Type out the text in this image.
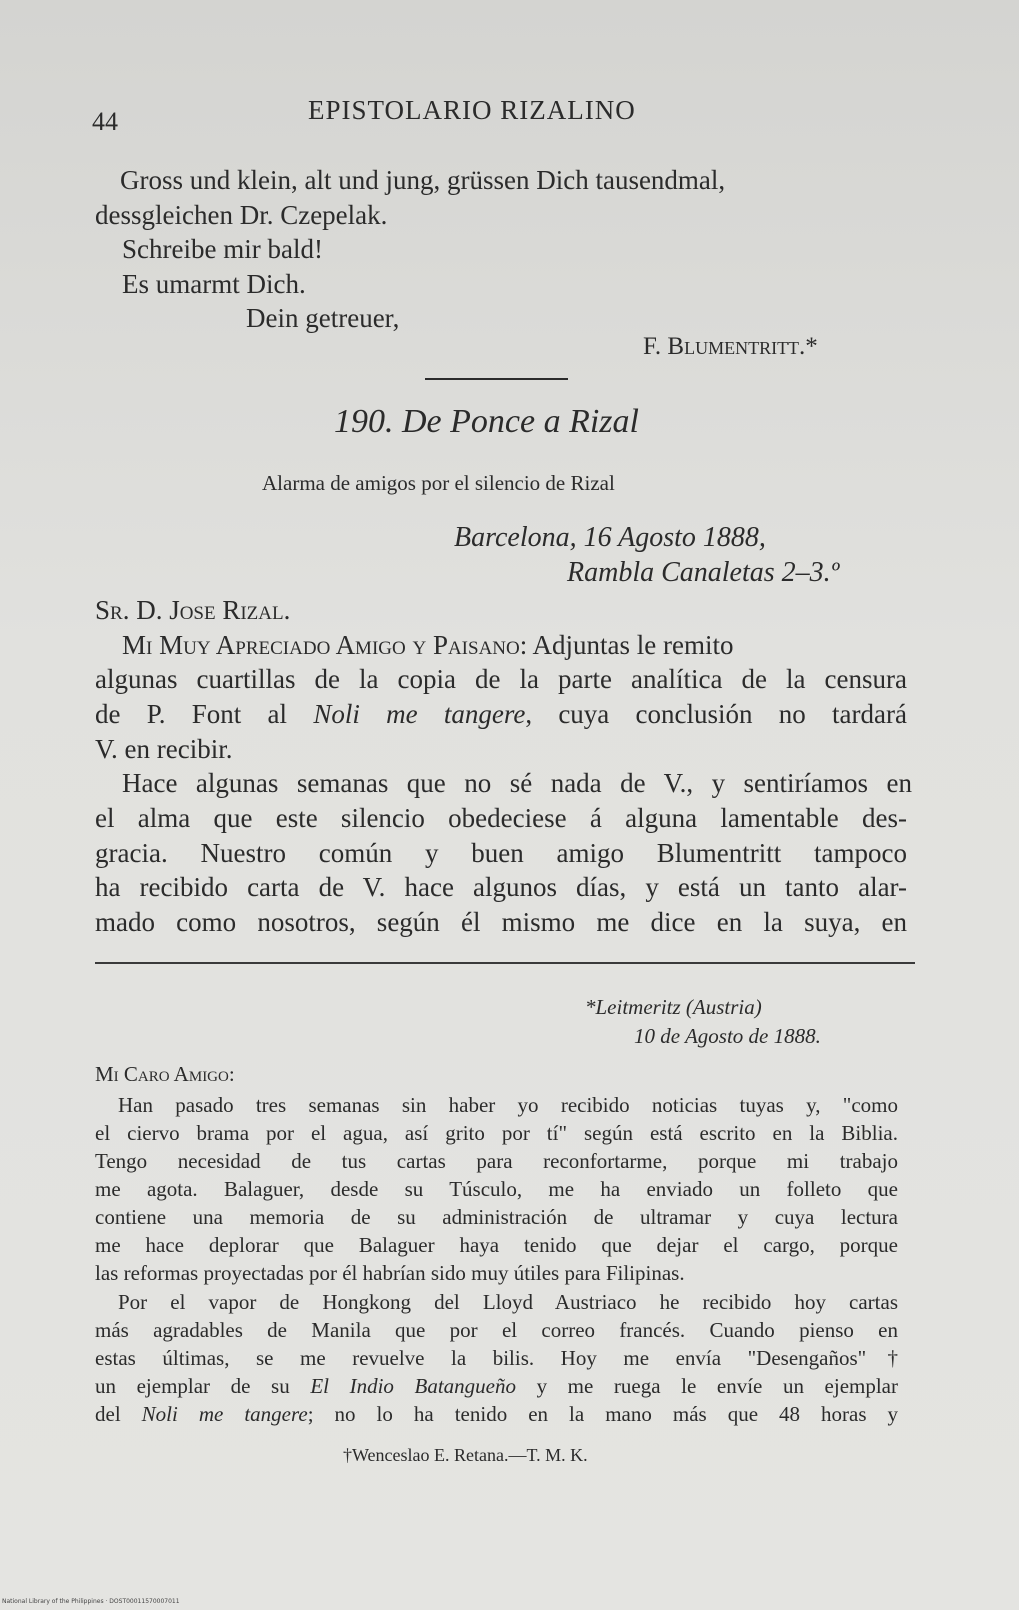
44	EPISTOLARIO RIZALINO
Gross und klein, alt und jung, grüssen Dich tausendmal,
dessgleichen Dr. Czepelak.
Schreibe mir bald!
Es umarmt Dich.
Dein getreuer,
F. Blumentritt.*
190. De Ponce a Rizal
Alarma de amigos por el silencio de Rizal
Barcelona, 16 Agosto 1888,
Rambla Canaletas 2–3.º
Sr. D. Jose Rizal.
Mi Muy Apreciado Amigo y Paisano: Adjuntas le remito
algunas cuartillas de la copia de la parte analítica de la censura
de P. Font al Noli me tangere, cuya conclusión no tardará
V. en recibir.
Hace algunas semanas que no sé nada de V., y sentiríamos en
el alma que este silencio obedeciese á alguna lamentable des-
gracia. Nuestro común y buen amigo Blumentritt tampoco
ha recibido carta de V. hace algunos días, y está un tanto alar-
mado como nosotros, según él mismo me dice en la suya, en
*Leitmeritz (Austria)
10 de Agosto de 1888.
Mi Caro Amigo:
Han pasado tres semanas sin haber yo recibido noticias tuyas y, "como
el ciervo brama por el agua, así grito por tí" según está escrito en la Biblia.
Tengo necesidad de tus cartas para reconfortarme, porque mi trabajo
me agota. Balaguer, desde su Túsculo, me ha enviado un folleto que
contiene una memoria de su administración de ultramar y cuya lectura
me hace deplorar que Balaguer haya tenido que dejar el cargo, porque
las reformas proyectadas por él habrían sido muy útiles para Filipinas.
Por el vapor de Hongkong del Lloyd Austriaco he recibido hoy cartas
más agradables de Manila que por el correo francés. Cuando pienso en
estas últimas, se me revuelve la bilis. Hoy me envía "Desengaños"†
un ejemplar de su El Indio Batangueño y me ruega le envíe un ejemplar
del Noli me tangere; no lo ha tenido en la mano más que 48 horas y
†Wenceslao E. Retana.—T. M. K.
National Library of the Philippines · DOST00011570007011
